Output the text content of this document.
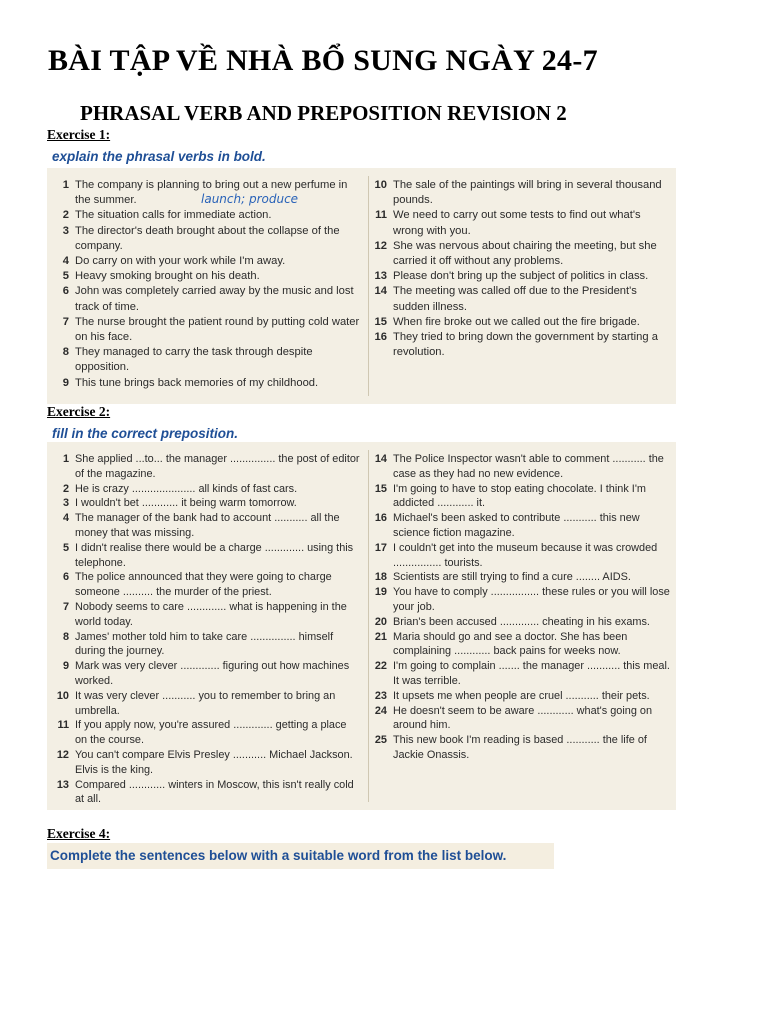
BÀI TẬP VỀ NHÀ BỔ SUNG NGÀY 24-7
PHRASAL VERB AND PREPOSITION REVISION 2
Exercise 1:
explain the phrasal verbs in bold.
1 The company is planning to bring out a new perfume in the summer.
2 The situation calls for immediate action.
3 The director's death brought about the collapse of the company.
4 Do carry on with your work while I'm away.
5 Heavy smoking brought on his death.
6 John was completely carried away by the music and lost track of time.
7 The nurse brought the patient round by putting cold water on his face.
8 They managed to carry the task through despite opposition.
9 This tune brings back memories of my childhood.
10 The sale of the paintings will bring in several thousand pounds.
11 We need to carry out some tests to find out what's wrong with you.
12 She was nervous about chairing the meeting, but she carried it off without any problems.
13 Please don't bring up the subject of politics in class.
14 The meeting was called off due to the President's sudden illness.
15 When fire broke out we called out the fire brigade.
16 They tried to bring down the government by starting a revolution.
launch; produce
Exercise 2:
fill in the correct preposition.
1 She applied ...to... the manager ............... the post of editor of the magazine.
2 He is crazy ..................... all kinds of fast cars.
3 I wouldn't bet ............ it being warm tomorrow.
4 The manager of the bank had to account ........... all the money that was missing.
5 I didn't realise there would be a charge ............. using this telephone.
6 The police announced that they were going to charge someone .......... the murder of the priest.
7 Nobody seems to care ............. what is happening in the world today.
8 James' mother told him to take care ............... himself during the journey.
9 Mark was very clever ............. figuring out how machines worked.
10 It was very clever ........... you to remember to bring an umbrella.
11 If you apply now, you're assured ............. getting a place on the course.
12 You can't compare Elvis Presley ........... Michael Jackson. Elvis is the king.
13 Compared ............ winters in Moscow, this isn't really cold at all.
14 The Police Inspector wasn't able to comment ........... the case as they had no new evidence.
15 I'm going to have to stop eating chocolate. I think I'm addicted ............ it.
16 Michael's been asked to contribute ........... this new science fiction magazine.
17 I couldn't get into the museum because it was crowded ................ tourists.
18 Scientists are still trying to find a cure ........ AIDS.
19 You have to comply ................ these rules or you will lose your job.
20 Brian's been accused ............. cheating in his exams.
21 Maria should go and see a doctor. She has been complaining ............ back pains for weeks now.
22 I'm going to complain ....... the manager ........... this meal. It was terrible.
23 It upsets me when people are cruel ........... their pets.
24 He doesn't seem to be aware ............ what's going on around him.
25 This new book I'm reading is based ........... the life of Jackie Onassis.
Exercise 4:
Complete the sentences below with a suitable word from the list below.
